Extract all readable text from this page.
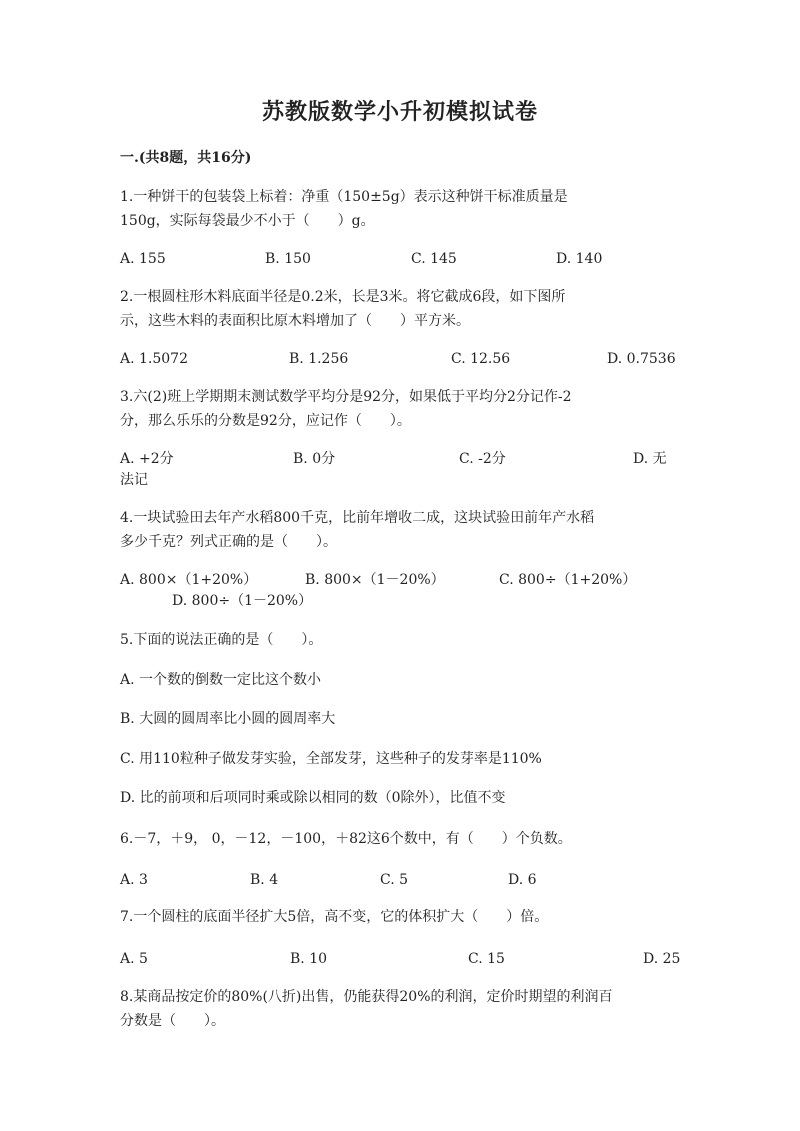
苏教版数学小升初模拟试卷
一.(共8题，共16分)
1.一种饼干的包装袋上标着：净重（150±5g）表示这种饼干标准质量是
150g，实际每袋最少不小于（　　）g。
A. 155	B. 150	C. 145	D. 140
2.一根圆柱形木料底面半径是0.2米，长是3米。将它截成6段，如下图所
示，这些木料的表面积比原木料增加了（　　）平方米。
A. 1.5072	B. 1.256	C. 12.56	D. 0.7536
3.六(2)班上学期期末测试数学平均分是92分，如果低于平均分2分记作-2
分，那么乐乐的分数是92分，应记作（　　）。
A. +2分	B. 0分	C. -2分	D. 无
法记
4.一块试验田去年产水稻800千克，比前年增收二成，这块试验田前年产水稻
多少千克？列式正确的是（　　）。
A. 800×（1+20%）	B. 800×（1－20%）	C. 800÷（1+20%）
D. 800÷（1－20%）
5.下面的说法正确的是（　　）。
A. 一个数的倒数一定比这个数小
B. 大圆的圆周率比小圆的圆周率大
C. 用110粒种子做发芽实验，全部发芽，这些种子的发芽率是110%
D. 比的前项和后项同时乘或除以相同的数（0除外），比值不变
6.－7，＋9， 0，－12，－100，＋82这6个数中，有（　　）个负数。
A. 3	B. 4	C. 5	D. 6
7.一个圆柱的底面半径扩大5倍，高不变，它的体积扩大（　　）倍。
A. 5	B. 10	C. 15	D. 25
8.某商品按定价的80%(八折)出售，仍能获得20%的利润，定价时期望的利润百
分数是（　　）。
